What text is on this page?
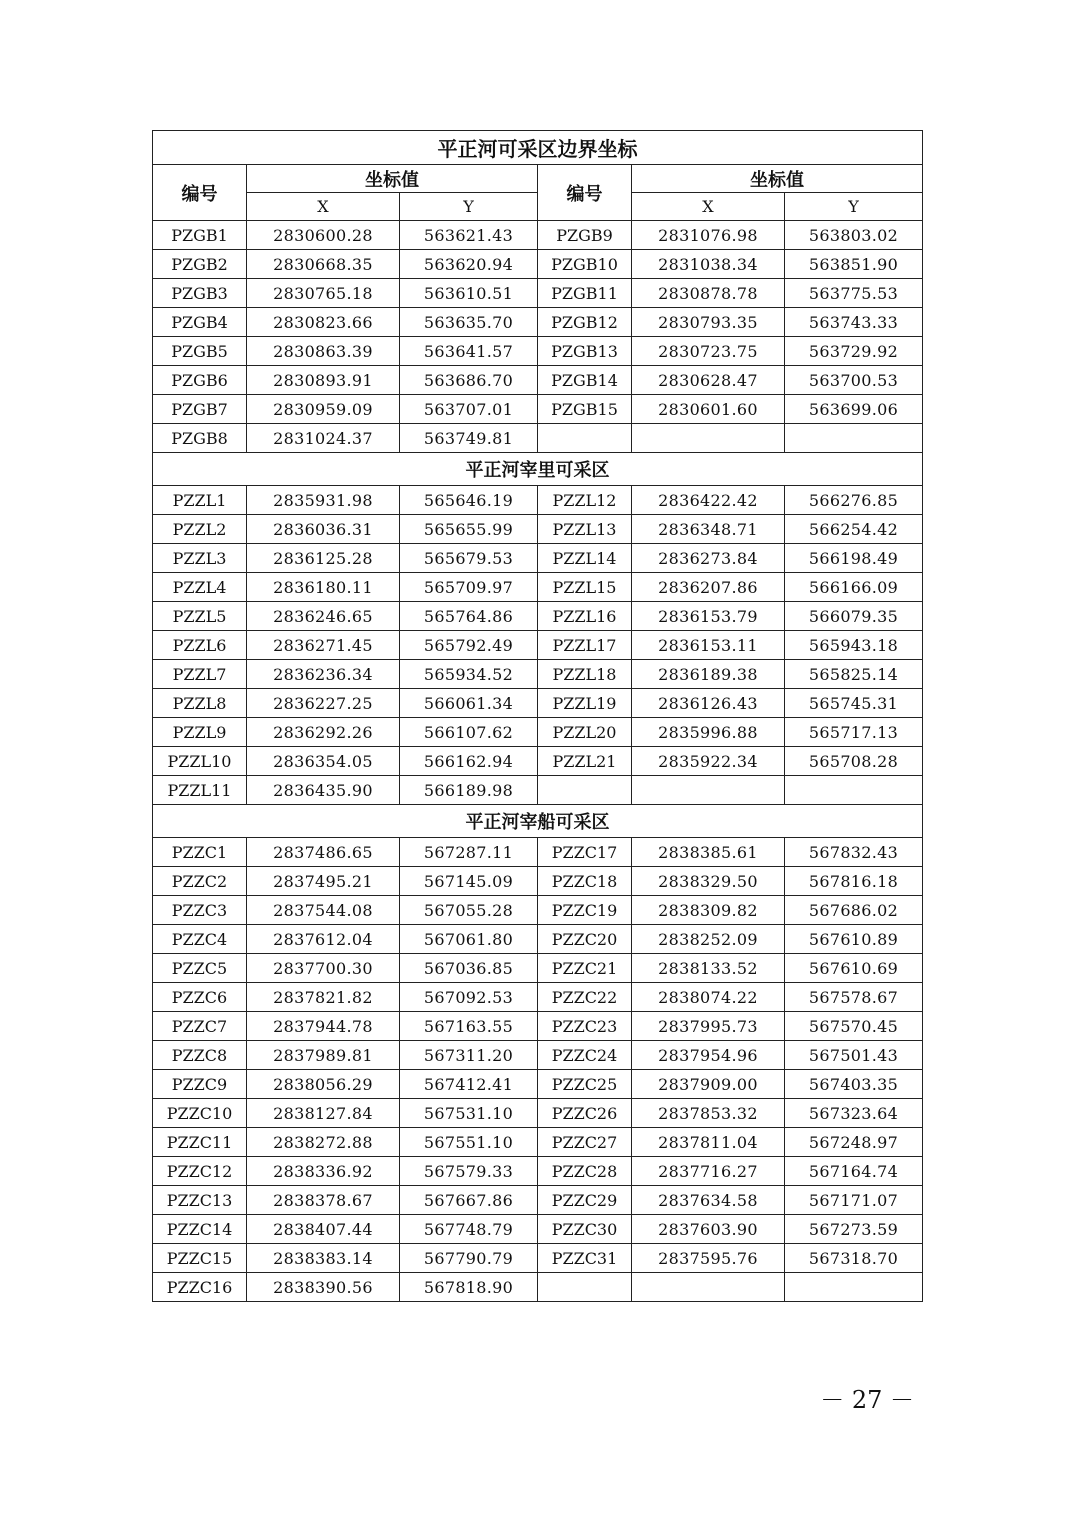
平正河可采区边界坐标					
编号	坐标值		编号	坐标值	
	X	Y		X	Y
PZGB1	2830600.28	563621.43	PZGB9	2831076.98	563803.02
PZGB2	2830668.35	563620.94	PZGB10	2831038.34	563851.90
PZGB3	2830765.18	563610.51	PZGB11	2830878.78	563775.53
PZGB4	2830823.66	563635.70	PZGB12	2830793.35	563743.33
PZGB5	2830863.39	563641.57	PZGB13	2830723.75	563729.92
PZGB6	2830893.91	563686.70	PZGB14	2830628.47	563700.53
PZGB7	2830959.09	563707.01	PZGB15	2830601.60	563699.06
PZGB8	2831024.37	563749.81			
平正河宰里可采区					
PZZL1	2835931.98	565646.19	PZZL12	2836422.42	566276.85
PZZL2	2836036.31	565655.99	PZZL13	2836348.71	566254.42
PZZL3	2836125.28	565679.53	PZZL14	2836273.84	566198.49
PZZL4	2836180.11	565709.97	PZZL15	2836207.86	566166.09
PZZL5	2836246.65	565764.86	PZZL16	2836153.79	566079.35
PZZL6	2836271.45	565792.49	PZZL17	2836153.11	565943.18
PZZL7	2836236.34	565934.52	PZZL18	2836189.38	565825.14
PZZL8	2836227.25	566061.34	PZZL19	2836126.43	565745.31
PZZL9	2836292.26	566107.62	PZZL20	2835996.88	565717.13
PZZL10	2836354.05	566162.94	PZZL21	2835922.34	565708.28
PZZL11	2836435.90	566189.98			
平正河宰船可采区					
PZZC1	2837486.65	567287.11	PZZC17	2838385.61	567832.43
PZZC2	2837495.21	567145.09	PZZC18	2838329.50	567816.18
PZZC3	2837544.08	567055.28	PZZC19	2838309.82	567686.02
PZZC4	2837612.04	567061.80	PZZC20	2838252.09	567610.89
PZZC5	2837700.30	567036.85	PZZC21	2838133.52	567610.69
PZZC6	2837821.82	567092.53	PZZC22	2838074.22	567578.67
PZZC7	2837944.78	567163.55	PZZC23	2837995.73	567570.45
PZZC8	2837989.81	567311.20	PZZC24	2837954.96	567501.43
PZZC9	2838056.29	567412.41	PZZC25	2837909.00	567403.35
PZZC10	2838127.84	567531.10	PZZC26	2837853.32	567323.64
PZZC11	2838272.88	567551.10	PZZC27	2837811.04	567248.97
PZZC12	2838336.92	567579.33	PZZC28	2837716.27	567164.74
PZZC13	2838378.67	567667.86	PZZC29	2837634.58	567171.07
PZZC14	2838407.44	567748.79	PZZC30	2837603.90	567273.59
PZZC15	2838383.14	567790.79	PZZC31	2837595.76	567318.70
PZZC16	2838390.56	567818.90			
－ 27 －
